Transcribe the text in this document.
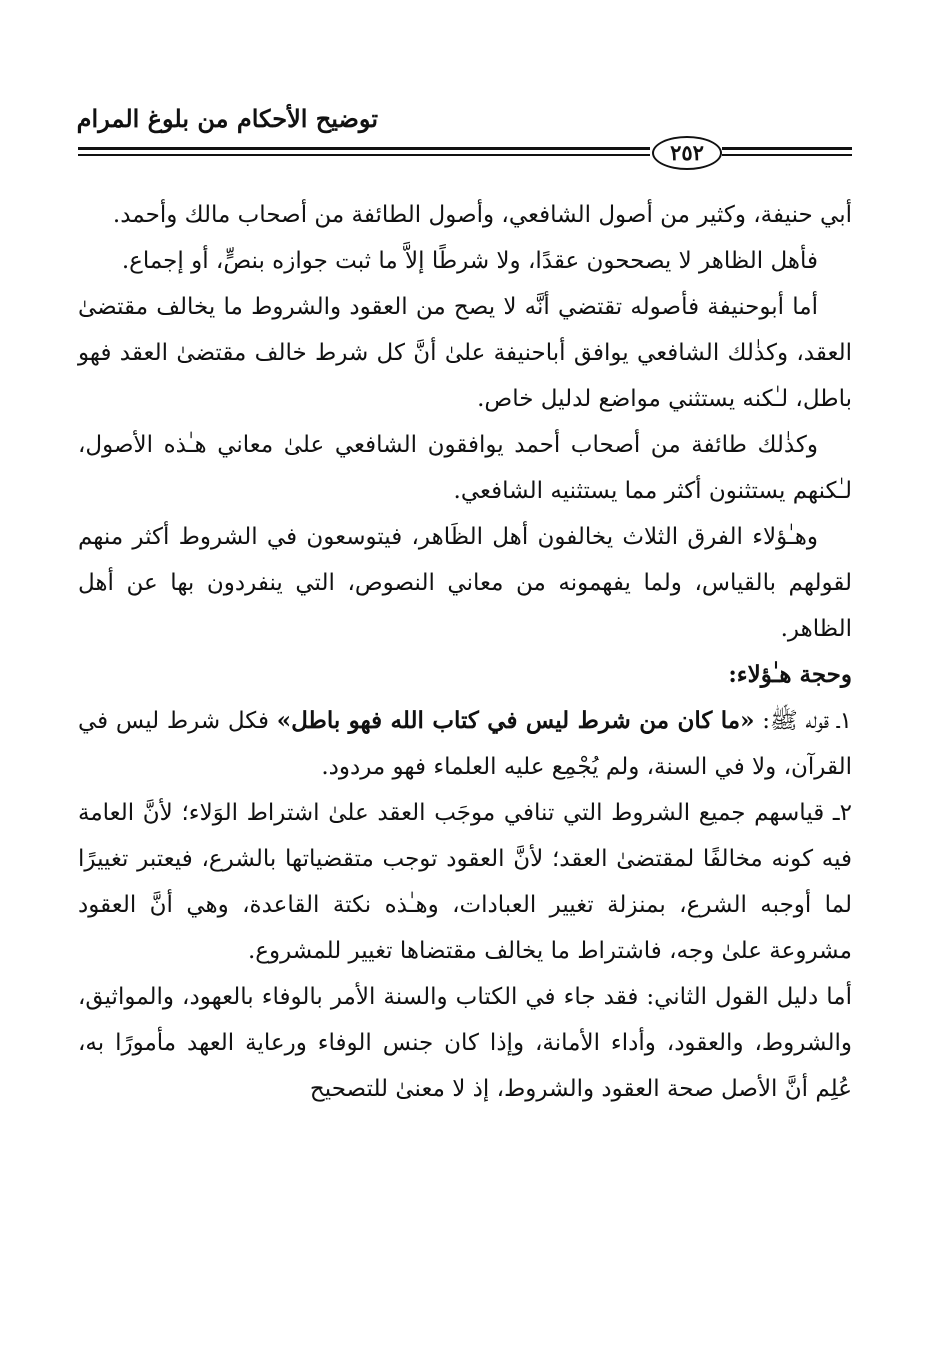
توضيح الأحكام من بلوغ المرام
٢٥٢

أبي حنيفة، وكثير من أصول الشافعي، وأصول الطائفة من أصحاب مالك وأحمد.

فأهل الظاهر لا يصححون عقدًا، ولا شرطًا إلاَّ ما ثبت جوازه بنصٍّ، أو إجماع.

أما أبوحنيفة فأصوله تقتضي أنَّه لا يصح من العقود والشروط ما يخالف مقتضىٰ العقد، وكذٰلك الشافعي يوافق أباحنيفة علىٰ أنَّ كل شرط خالف مقتضىٰ العقد فهو باطل، لـٰكنه يستثني مواضع لدليل خاص.

وكذٰلك طائفة من أصحاب أحمد يوافقون الشافعي علىٰ معاني هـٰذه الأصول، لـٰكنهم يستثنون أكثر مما يستثنيه الشافعي.

وهـٰؤلاء الفرق الثلاث يخالفون أهل الظَاهر، فيتوسعون في الشروط أكثر منهم لقولهم بالقياس، ولما يفهمونه من معاني النصوص، التي ينفردون بها عن أهل الظاهر.

وحجة هـٰؤلاء:

١ـ قوله ﷺ: «ما كان من شرط ليس في كتاب الله فهو باطل» فكل شرط ليس في القرآن، ولا في السنة، ولم يُجْمِع عليه العلماء فهو مردود.

٢ـ قياسهم جميع الشروط التي تنافي موجَب العقد علىٰ اشتراط الوَلاء؛ لأنَّ العامة فيه كونه مخالفًا لمقتضىٰ العقد؛ لأنَّ العقود توجب متقضياتها بالشرع، فيعتبر تغييرًا لما أوجبه الشرع، بمنزلة تغيير العبادات، وهـٰذه نكتة القاعدة، وهي أنَّ العقود مشروعة علىٰ وجه، فاشتراط ما يخالف مقتضاها تغيير للمشروع.

أما دليل القول الثاني: فقد جاء في الكتاب والسنة الأمر بالوفاء بالعهود، والمواثيق، والشروط، والعقود، وأداء الأمانة، وإذا كان جنس الوفاء ورعاية العهد مأمورًا به، عُلِم أنَّ الأصل صحة العقود والشروط، إذ لا معنىٰ للتصحيح
